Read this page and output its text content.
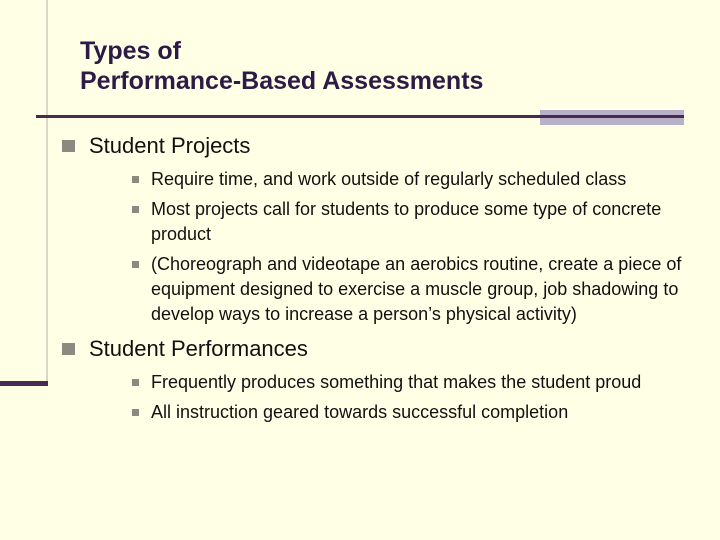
Types of
Performance-Based Assessments
Student Projects
Require time, and work outside of regularly scheduled class
Most projects call for students to produce some type of concrete product
(Choreograph and videotape an aerobics routine, create a piece of equipment designed to exercise a muscle group, job shadowing to develop ways to increase a person’s physical activity)
Student Performances
Frequently produces something that makes the student proud
All instruction geared towards successful completion
